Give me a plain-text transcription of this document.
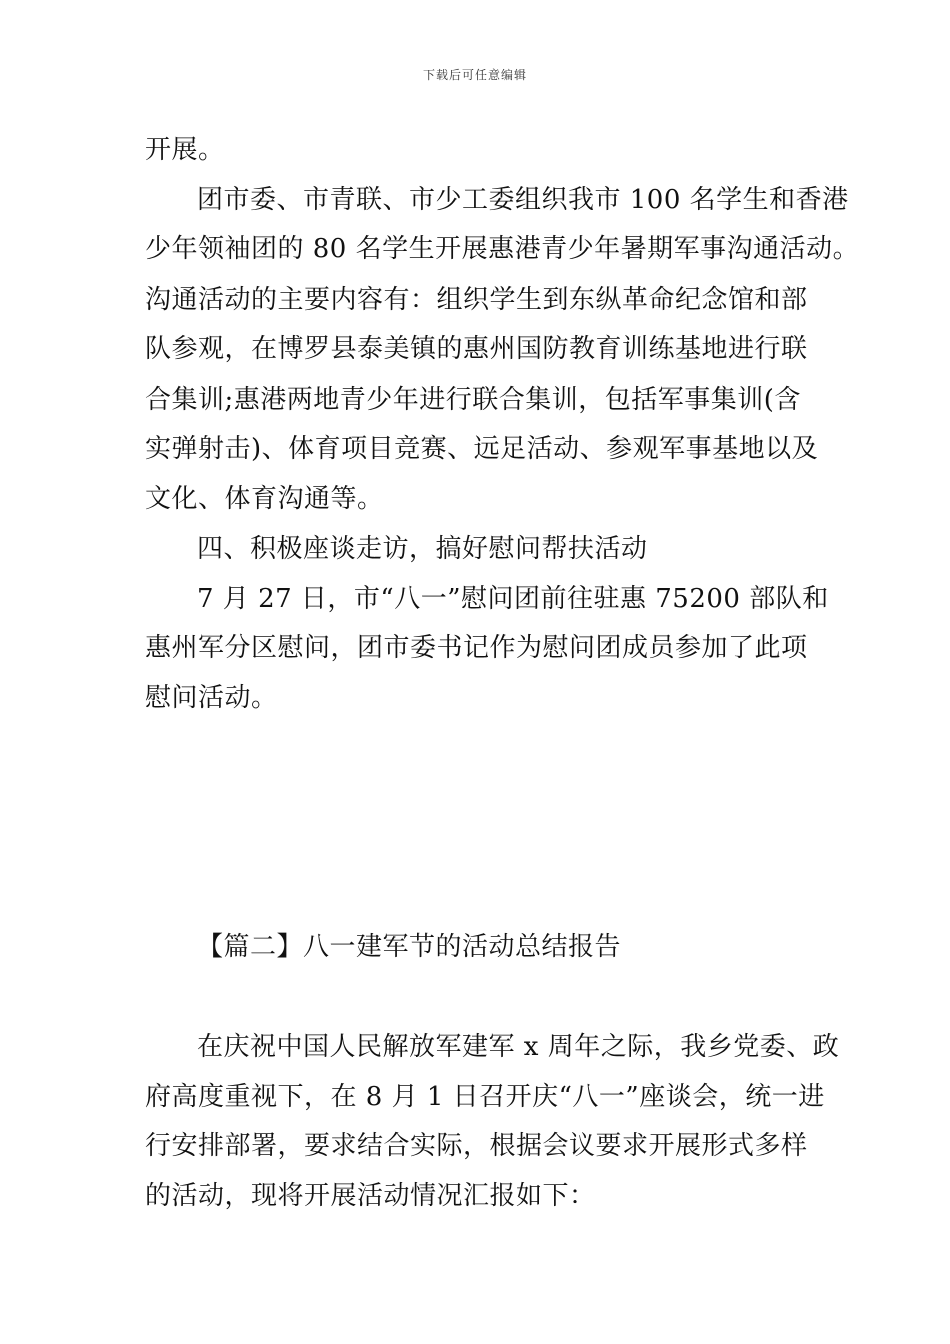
下载后可任意编辑
开展。
团市委、市青联、市少工委组织我市 100 名学生和香港
少年领袖团的 80 名学生开展惠港青少年暑期军事沟通活动。
沟通活动的主要内容有：组织学生到东纵革命纪念馆和部
队参观，在博罗县泰美镇的惠州国防教育训练基地进行联
合集训;惠港两地青少年进行联合集训，包括军事集训(含
实弹射击)、体育项目竞赛、远足活动、参观军事基地以及
文化、体育沟通等。
四、积极座谈走访，搞好慰问帮扶活动
7 月 27 日，市“八一”慰问团前往驻惠 75200 部队和
惠州军分区慰问，团市委书记作为慰问团成员参加了此项
慰问活动。
【篇二】八一建军节的活动总结报告
在庆祝中国人民解放军建军 x 周年之际，我乡党委、政
府高度重视下，在 8 月 1 日召开庆“八一”座谈会，统一进
行安排部署，要求结合实际，根据会议要求开展形式多样
的活动，现将开展活动情况汇报如下：
